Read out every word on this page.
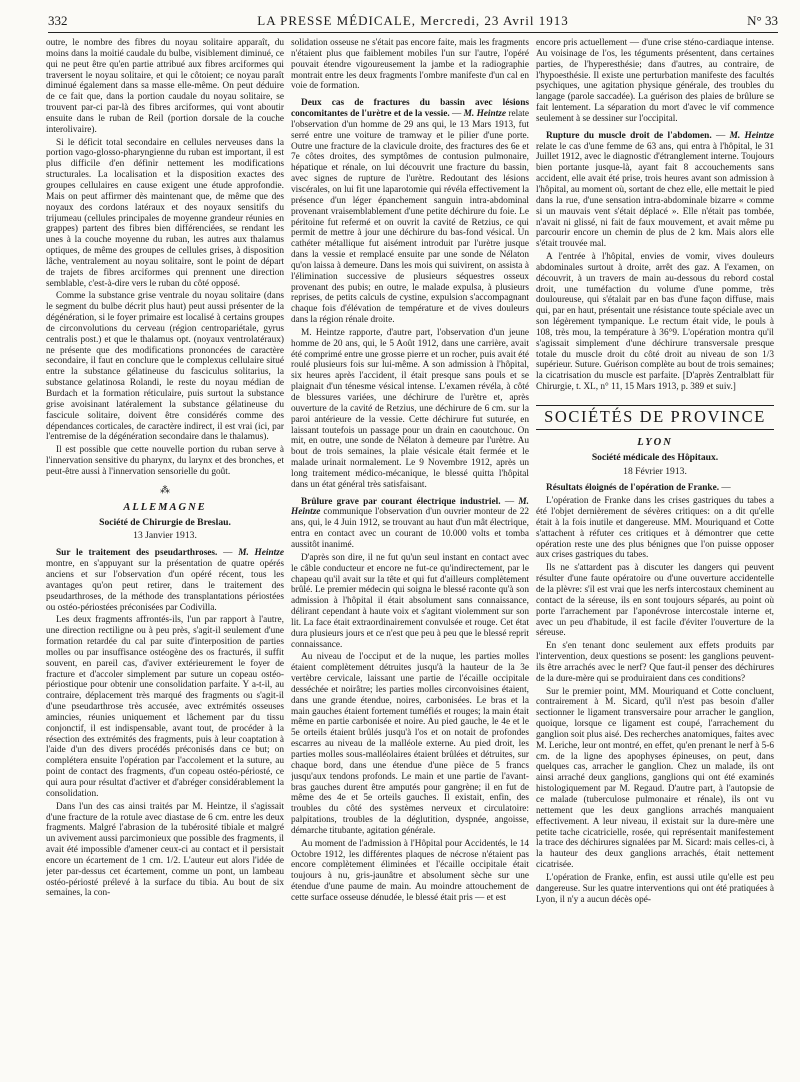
332	LA PRESSE MÉDICALE, Mercredi, 23 Avril 1913	N° 33

outre, le nombre des fibres du noyau solitaire apparaît, du moins dans la moitié caudale du bulbe, visiblement diminué, ce qui ne peut être qu'en partie attribué aux fibres arciformes qui traversent le noyau solitaire, et qui le côtoient; ce noyau paraît diminué également dans sa masse elle-même. On peut déduire de ce fait que, dans la portion caudale du noyau solitaire, se trouvent par-ci par-là des fibres arciformes, qui vont aboutir ensuite dans le ruban de Reil (portion dorsale de la couche interolivaire).

Si le déficit total secondaire en cellules nerveuses dans la portion vago-glosso-pharyngienne du ruban est important, il est plus difficile d'en définir nettement les modifications structurales. La localisation et la disposition exactes des groupes cellulaires en cause exigent une étude approfondie. Mais on peut affirmer dès maintenant que, de même que des noyaux des cordons latéraux et des noyaux sensitifs du trijumeau (cellules principales de moyenne grandeur réunies en grappes) partent des fibres bien différenciées, se rendant les unes à la couche moyenne du ruban, les autres aux thalamus optiques, de même des groupes de cellules grises, à disposition lâche, ventralement au noyau solitaire, sont le point de départ de trajets de fibres arciformes qui prennent une direction semblable, c'est-à-dire vers le ruban du côté opposé.

Comme la substance grise ventrale du noyau solitaire (dans le segment du bulbe décrit plus haut) peut aussi présenter de la dégénération, si le foyer primaire est localisé à certains groupes de circonvolutions du cerveau (région centropariétale, gyrus centralis post.) et que le thalamus opt. (noyaux ventrolatéraux) ne présente que des modifications prononcées de caractère secondaire, il faut en conclure que le complexus cellulaire situé entre la substance gélatineuse du fasciculus solitarius, la substance gelatinosa Rolandi, le reste du noyau médian de Burdach et la formation réticulaire, puis surtout la substance grise avoisinant latéralement la substance gélatineuse du fascicule solitaire, doivent être considérés comme des dépendances corticales, de caractère indirect, il est vrai (ici, par l'entremise de la dégénération secondaire dans le thalamus).

Il est possible que cette nouvelle portion du ruban serve à l'innervation sensitive du pharynx, du larynx et des bronches, et peut-être aussi à l'innervation sensorielle du goût.

⁂
ALLEMAGNE
Société de Chirurgie de Breslau.
13 Janvier 1913.

Sur le traitement des pseudarthroses. — M. Heintze montre, en s'appuyant sur la présentation de quatre opérés anciens et sur l'observation d'un opéré récent, tous les avantages qu'on peut retirer, dans le traitement des pseudarthroses, de la méthode des transplantations périostées ou ostéo-périostées préconisées par Codivilla.

Les deux fragments affrontés-ils, l'un par rapport à l'autre, une direction rectiligne ou à peu près, s'agit-il seulement d'une formation retardée du cal par suite d'interposition de parties molles ou par insuffisance ostéogène des os fracturés, il suffit souvent, en pareil cas, d'aviver extérieurement le foyer de fracture et d'accoler simplement par suture un copeau ostéo-périostique pour obtenir une consolidation parfaite. Y a-t-il, au contraire, déplacement très marqué des fragments ou s'agit-il d'une pseudarthrose très accusée, avec extrémités osseuses amincies, réunies uniquement et lâchement par du tissu conjonctif, il est indispensable, avant tout, de procéder à la résection des extrémités des fragments, puis à leur coaptation à l'aide d'un des divers procédés préconisés dans ce but; on complétera ensuite l'opération par l'accolement et la suture, au point de contact des fragments, d'un copeau ostéo-périosté, ce qui aura pour résultat d'activer et d'abréger considérablement la consolidation.

Dans l'un des cas ainsi traités par M. Heintze, il s'agissait d'une fracture de la rotule avec diastase de 6 cm. entre les deux fragments. Malgré l'abrasion de la tubérosité tibiale et malgré un avivement aussi parcimonieux que possible des fragments, il avait été impossible d'amener ceux-ci au contact et il persistait encore un écartement de 1 cm. 1/2. L'auteur eut alors l'idée de jeter par-dessus cet écartement, comme un pont, un lambeau ostéo-périosté prélevé à la surface du tibia. Au bout de six semaines, la con-

solidation osseuse ne s'était pas encore faite, mais les fragments n'étaient plus que faiblement mobiles l'un sur l'autre, l'opéré pouvait étendre vigoureusement la jambe et la radiographie montrait entre les deux fragments l'ombre manifeste d'un cal en voie de formation.

Deux cas de fractures du bassin avec lésions concomitantes de l'urètre et de la vessie. — M. Heintze relate l'observation d'un homme de 29 ans qui, le 13 Mars 1913, fut serré entre une voiture de tramway et le pilier d'une porte. Outre une fracture de la clavicule droite, des fractures des 6e et 7e côtes droites, des symptômes de contusion pulmonaire, hépatique et rénale, on lui découvrit une fracture du bassin, avec signes de rupture de l'urètre. Redoutant des lésions viscérales, on lui fit une laparotomie qui révéla effectivement la présence d'un léger épanchement sanguin intra-abdominal provenant vraisemblablement d'une petite déchirure du foie. Le péritoine fut refermé et on ouvrit la cavité de Retzius, ce qui permit de mettre à jour une déchirure du bas-fond vésical. Un cathéter métallique fut aisément introduit par l'urètre jusque dans la vessie et remplacé ensuite par une sonde de Nélaton qu'on laissa à demeure. Dans les mois qui suivirent, on assista à l'élimination successive de plusieurs séquestres osseux provenant des pubis; en outre, le malade expulsa, à plusieurs reprises, de petits calculs de cystine, expulsion s'accompagnant chaque fois d'élévation de température et de vives douleurs dans la région rénale droite.

M. Heintze rapporte, d'autre part, l'observation d'un jeune homme de 20 ans, qui, le 5 Août 1912, dans une carrière, avait été comprimé entre une grosse pierre et un rocher, puis avait été roulé plusieurs fois sur lui-même. A son admission à l'hôpital, six heures après l'accident, il était presque sans pouls et se plaignait d'un ténesme vésical intense. L'examen révéla, à côté de blessures variées, une déchirure de l'urètre et, après ouverture de la cavité de Retzius, une déchirure de 6 cm. sur la paroi antérieure de la vessie. Cette déchirure fut suturée, en laissant toutefois un passage pour un drain en caoutchouc. On mit, en outre, une sonde de Nélaton à demeure par l'urètre. Au bout de trois semaines, la plaie vésicale était fermée et le malade urinait normalement. Le 9 Novembre 1912, après un long traitement médico-mécanique, le blessé quitta l'hôpital dans un état général très satisfaisant.

Brûlure grave par courant électrique industriel. — M. Heintze communique l'observation d'un ouvrier monteur de 22 ans, qui, le 4 Juin 1912, se trouvant au haut d'un mât électrique, entra en contact avec un courant de 10.000 volts et tomba aussitôt inanimé.

D'après son dire, il ne fut qu'un seul instant en contact avec le câble conducteur et encore ne fut-ce qu'indirectement, par le chapeau qu'il avait sur la tête et qui fut d'ailleurs complètement brûlé. Le premier médecin qui soigna le blessé raconte qu'à son admission à l'hôpital il était absolument sans connaissance, délirant cependant à haute voix et s'agitant violemment sur son lit. La face était extraordinairement convulsée et rouge. Cet état dura plusieurs jours et ce n'est que peu à peu que le blessé reprit connaissance.

Au niveau de l'occiput et de la nuque, les parties molles étaient complètement détruites jusqu'à la hauteur de la 3e vertèbre cervicale, laissant une partie de l'écaille occipitale desséchée et noirâtre; les parties molles circonvoisines étaient, dans une grande étendue, noires, carbonisées. Le bras et la main gauches étaient fortement tuméfiés et rouges; la main était même en partie carbonisée et noire. Au pied gauche, le 4e et le 5e orteils étaient brûlés jusqu'à l'os et on notait de profondes escarres au niveau de la malléole externe. Au pied droit, les parties molles sous-malléolaires étaient brûlées et détruites, sur chaque bord, dans une étendue d'une pièce de 5 francs jusqu'aux tendons profonds. Le main et une partie de l'avant-bras gauches durent être amputés pour gangrène; il en fut de même des 4e et 5e orteils gauches. Il existait, enfin, des troubles du côté des systèmes nerveux et circulatoire: palpitations, troubles de la déglutition, dyspnée, angoisse, démarche titubante, agitation générale.

Au moment de l'admission à l'Hôpital pour Accidentés, le 14 Octobre 1912, les différentes plaques de nécrose n'étaient pas encore complètement éliminées et l'écaille occipitale était toujours à nu, gris-jaunâtre et absolument sèche sur une étendue d'une paume de main. Au moindre attouchement de cette surface osseuse dénudée, le blessé était pris — et est

encore pris actuellement — d'une crise sténo-cardiaque intense. Au voisinage de l'os, les téguments présentent, dans certaines parties, de l'hyperesthésie; dans d'autres, au contraire, de l'hypoesthésie. Il existe une perturbation manifeste des facultés psychiques, une agitation physique générale, des troubles du langage (parole saccadée). La guérison des plaies de brûlure se fait lentement. La séparation du mort d'avec le vif commence seulement à se dessiner sur l'occipital.

Rupture du muscle droit de l'abdomen. — M. Heintze relate le cas d'une femme de 63 ans, qui entra à l'hôpital, le 31 Juillet 1912, avec le diagnostic d'étranglement interne. Toujours bien portante jusque-là, ayant fait 8 accouchements sans accident, elle avait été prise, trois heures avant son admission à l'hôpital, au moment où, sortant de chez elle, elle mettait le pied dans la rue, d'une sensation intra-abdominale bizarre « comme si un mauvais vent s'était déplacé ». Elle n'était pas tombée, n'avait ni glissé, ni fait de faux mouvement, et avait même pu parcourir encore un chemin de plus de 2 km. Mais alors elle s'était trouvée mal.

A l'entrée à l'hôpital, envies de vomir, vives douleurs abdominales surtout à droite, arrêt des gaz. A l'examen, on découvrit, à un travers de main au-dessous du rebord costal droit, une tuméfaction du volume d'une pomme, très douloureuse, qui s'étalait par en bas d'une façon diffuse, mais qui, par en haut, présentait une résistance toute spéciale avec un son légèrement tympanique. Le rectum était vide, le pouls à 108, très mou, la température à 36°9. L'opération montra qu'il s'agissait simplement d'une déchirure transversale presque totale du muscle droit du côté droit au niveau de son 1/3 supérieur. Suture. Guérison complète au bout de trois semaines; la cicatrisation du muscle est parfaite. [D'après Zentralblatt für Chirurgie, t. XL, n° 11, 15 Mars 1913, p. 389 et suiv.]

SOCIÉTÉS DE PROVINCE
LYON
Société médicale des Hôpitaux.
18 Février 1913.

Résultats éloignés de l'opération de Franke. —

L'opération de Franke dans les crises gastriques du tabes a été l'objet dernièrement de sévères critiques: on a dit qu'elle était à la fois inutile et dangereuse. MM. Mouriquand et Cotte s'attachent à réfuter ces critiques et à démontrer que cette opération reste une des plus bénignes que l'on puisse opposer aux crises gastriques du tabes.

Ils ne s'attardent pas à discuter les dangers qui peuvent résulter d'une faute opératoire ou d'une ouverture accidentelle de la plèvre: s'il est vrai que les nerfs intercostaux cheminent au contact de la séreuse, ils en sont toujours séparés, au point où porte l'arrachement par l'aponévrose intercostale interne et, avec un peu d'habitude, il est facile d'éviter l'ouverture de la séreuse.

En s'en tenant donc seulement aux effets produits par l'intervention, deux questions se posent: les ganglions peuvent-ils être arrachés avec le nerf? Que faut-il penser des déchirures de la dure-mère qui se produiraient dans ces conditions?

Sur le premier point, MM. Mouriquand et Cotte concluent, contrairement à M. Sicard, qu'il n'est pas besoin d'aller sectionner le ligament transversaire pour arracher le ganglion, quoique, lorsque ce ligament est coupé, l'arrachement du ganglion soit plus aisé. Des recherches anatomiques, faites avec M. Leriche, leur ont montré, en effet, qu'en prenant le nerf à 5-6 cm. de la ligne des apophyses épineuses, on peut, dans quelques cas, arracher le ganglion. Chez un malade, ils ont ainsi arraché deux ganglions, ganglions qui ont été examinés histologiquement par M. Regaud. D'autre part, à l'autopsie de ce malade (tuberculose pulmonaire et rénale), ils ont vu nettement que les deux ganglions arrachés manquaient effectivement. A leur niveau, il existait sur la dure-mère une petite tache cicatricielle, rosée, qui représentait manifestement la trace des déchirures signalées par M. Sicard: mais celles-ci, à la hauteur des deux ganglions arrachés, était nettement cicatrisée.

L'opération de Franke, enfin, est aussi utile qu'elle est peu dangereuse. Sur les quatre interventions qui ont été pratiquées à Lyon, il n'y a aucun décès opé-
